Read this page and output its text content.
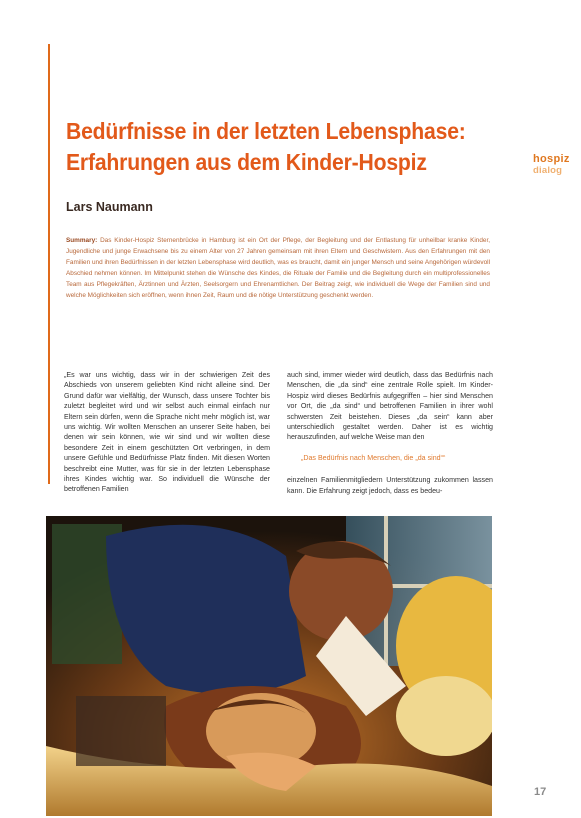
Bedürfnisse in der letzten Lebensphase:
Erfahrungen aus dem Kinder-Hospiz	hospiz
dialog
Lars Naumann
Summary: Das Kinder-Hospiz Sternenbrücke in Hamburg ist ein Ort der Pflege, der Begleitung und der Entlastung für unheilbar kranke Kinder, Jugendliche und junge Erwachsene bis zu einem Alter von 27 Jahren gemeinsam mit ihren Eltern und Geschwistern. Aus den Erfahrungen mit den Familien und ihren Bedürfnissen in der letzten Lebensphase wird deutlich, was es braucht, damit ein junger Mensch und seine Angehörigen würdevoll Abschied nehmen können. Im Mittelpunkt stehen die Wünsche des Kindes, die Rituale der Familie und die Begleitung durch ein multiprofessionelles Team aus Pflegekräften, Ärztinnen und Ärzten, Seelsorgern und Ehrenamtlichen. Der Beitrag zeigt, wie individuell die Wege der Familien sind und welche Möglichkeiten sich eröffnen, wenn ihnen Zeit, Raum und die nötige Unterstützung geschenkt werden.

„Es war uns wichtig, dass wir in der schwierigen Zeit des Abschieds von unserem geliebten Kind nicht alleine sind. Der Grund dafür war vielfältig, der Wunsch, dass unsere Tochter bis zuletzt begleitet wird und wir selbst auch einmal einfach nur Eltern sein dürfen, wenn die Sprache nicht mehr möglich ist, war uns wichtig. Wir wollten Menschen an unserer Seite haben, bei denen wir sein können, wie wir sind und wir wollten diese besondere Zeit in einem geschützten Ort verbringen, in dem unsere Gefühle und Bedürfnisse Platz finden. Mit diesen Worten beschreibt eine Mutter, was für sie in der letzten Lebensphase ihres Kindes wichtig war. So individuell die Wünsche der betroffenen Familien

auch sind, immer wieder wird deutlich, dass das Bedürfnis nach Menschen, die „da sind“ eine zentrale Rolle spielt. Im Kinder-Hospiz wird dieses Bedürfnis aufgegriffen – hier sind Menschen vor Ort, die „da sind“ und betroffenen Familien in ihrer wohl schwersten Zeit beistehen. Dieses „da sein“ kann aber unterschiedlich gestaltet werden. Daher ist es wichtig herauszufinden, auf welche Weise man den

„Das Bedürfnis nach Menschen, die „da sind““

einzelnen Familienmitgliedern Unterstützung zukommen lassen kann. Die Erfahrung zeigt jedoch, dass es bedeu-

17
